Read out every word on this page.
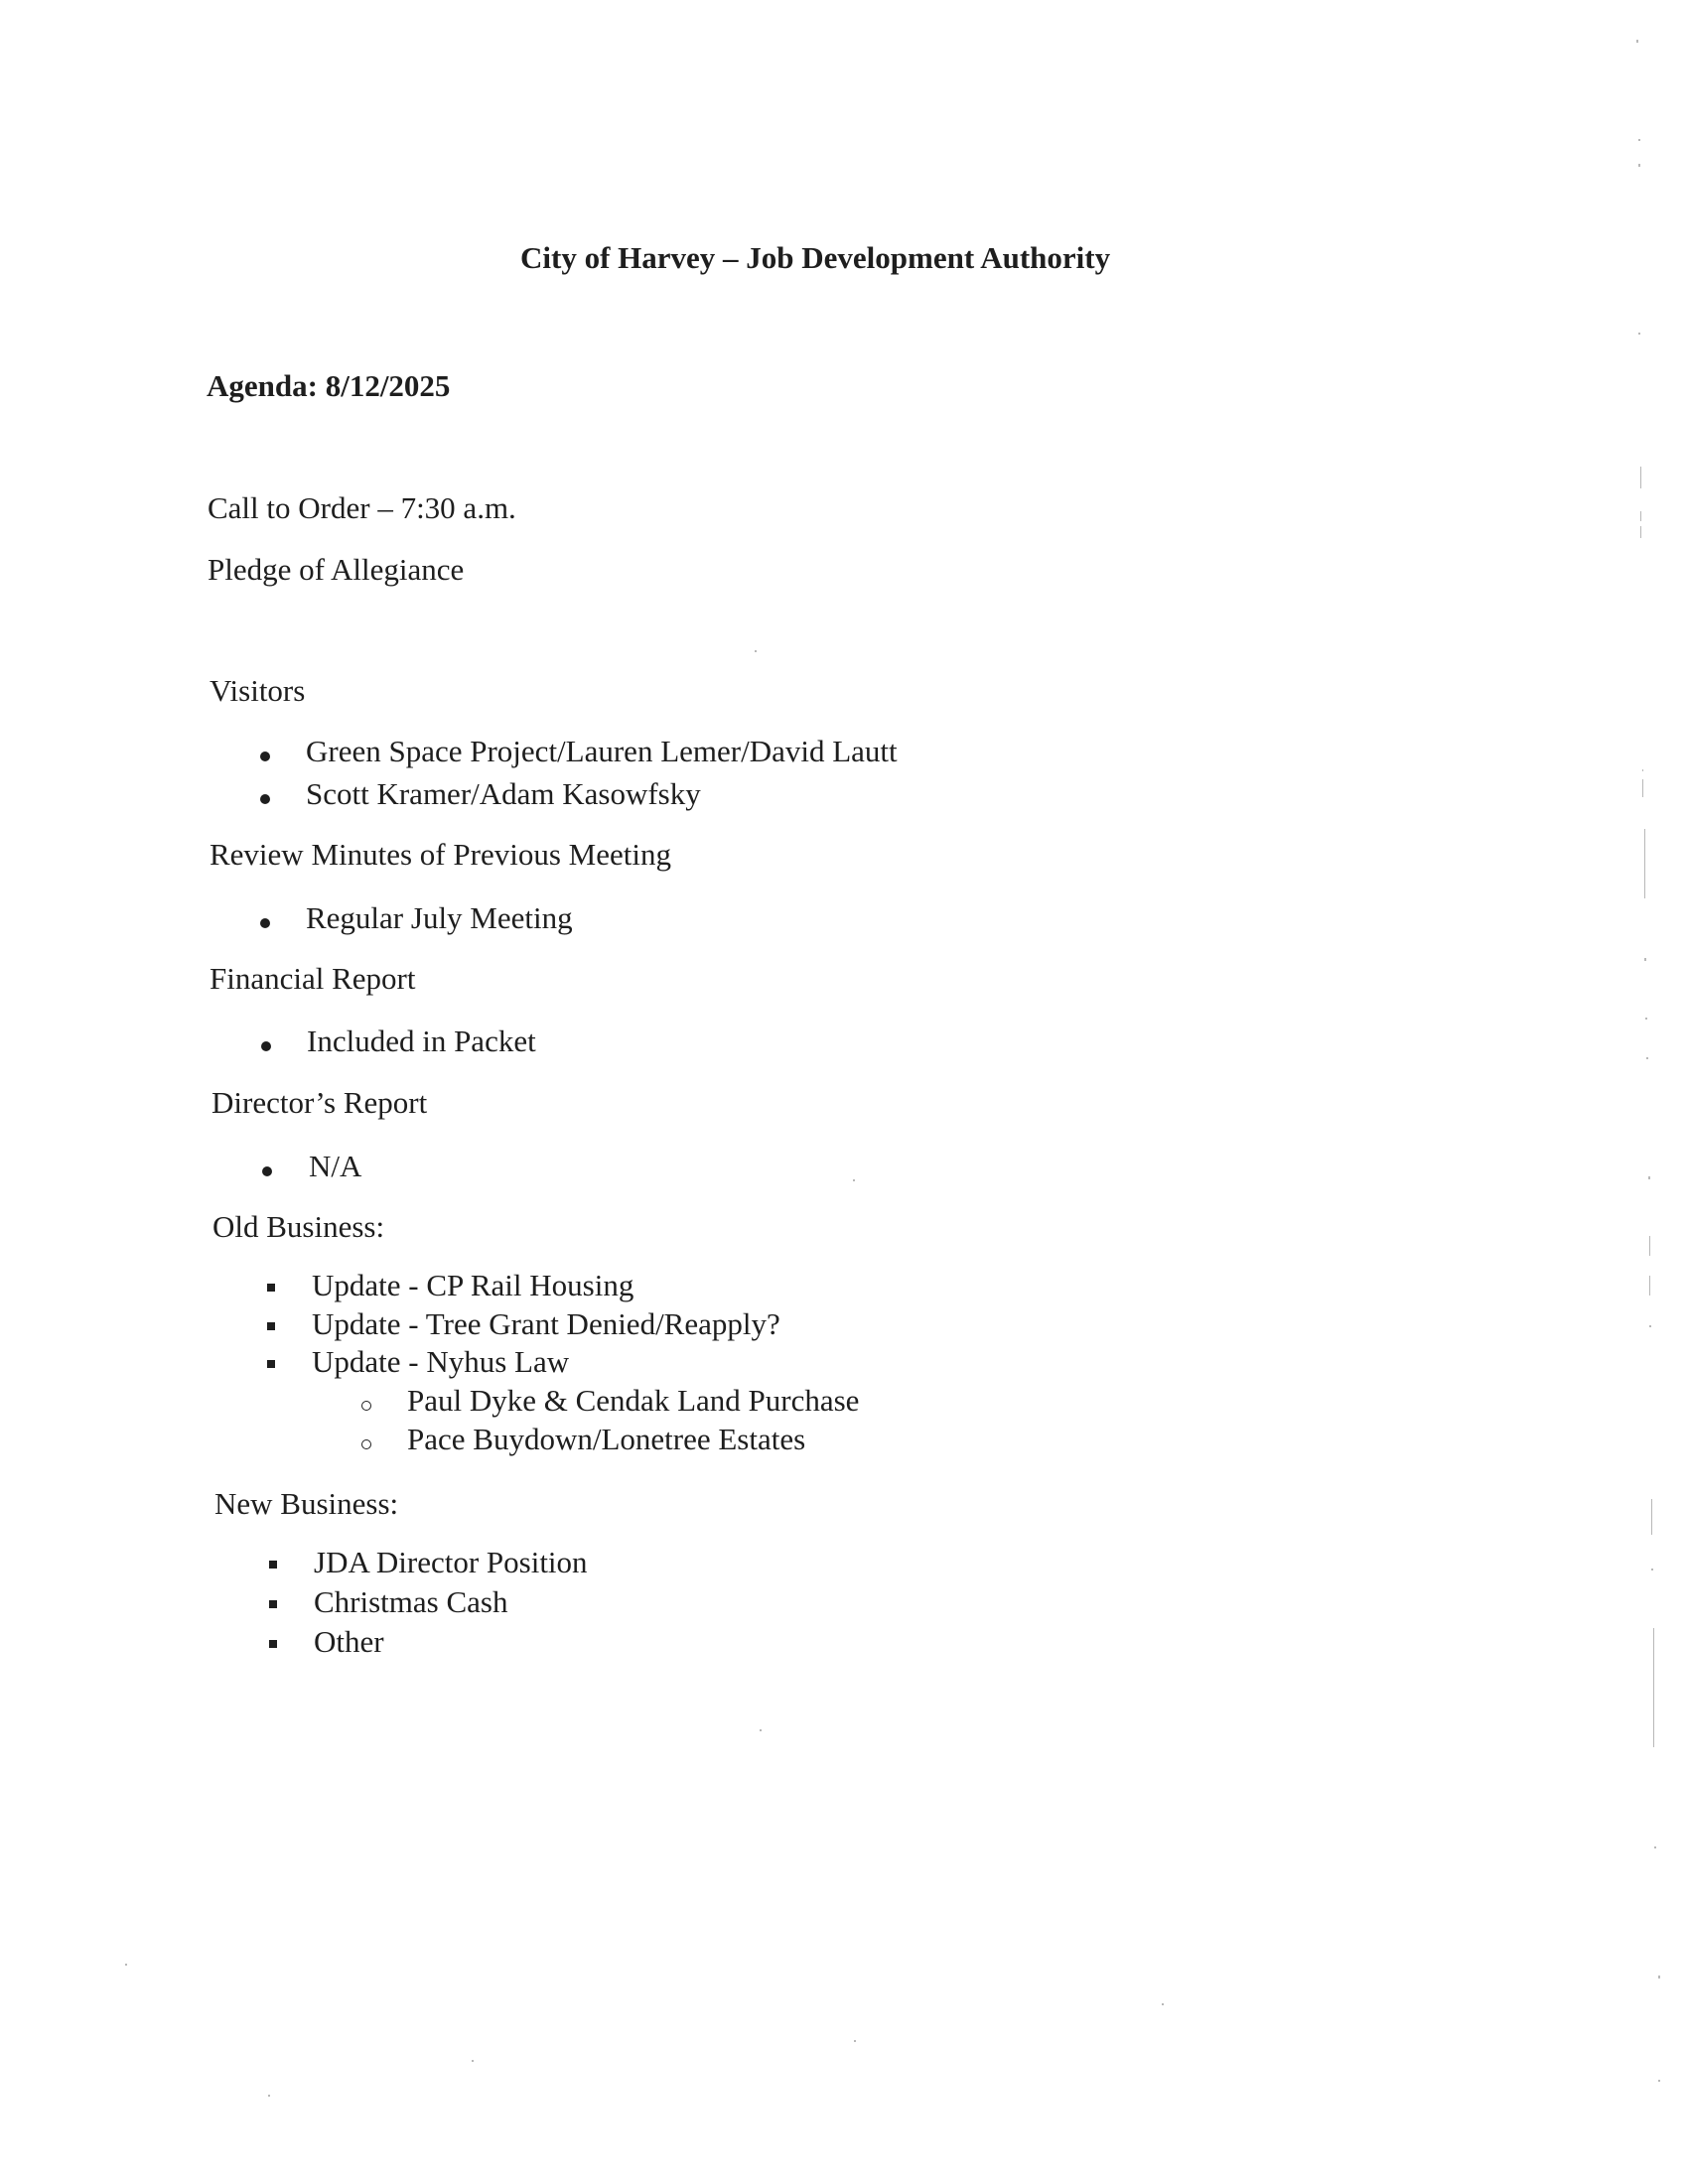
City of Harvey – Job Development Authority
Agenda: 8/12/2025
Call to Order – 7:30 a.m.
Pledge of Allegiance
Visitors
Green Space Project/Lauren Lemer/David Lautt
Scott Kramer/Adam Kasowfsky
Review Minutes of Previous Meeting
Regular July Meeting
Financial Report
Included in Packet
Director’s Report
N/A
Old Business:
Update - CP Rail Housing
Update - Tree Grant Denied/Reapply?
Update - Nyhus Law
Paul Dyke & Cendak Land Purchase
Pace Buydown/Lonetree Estates
New Business:
JDA Director Position
Christmas Cash
Other
